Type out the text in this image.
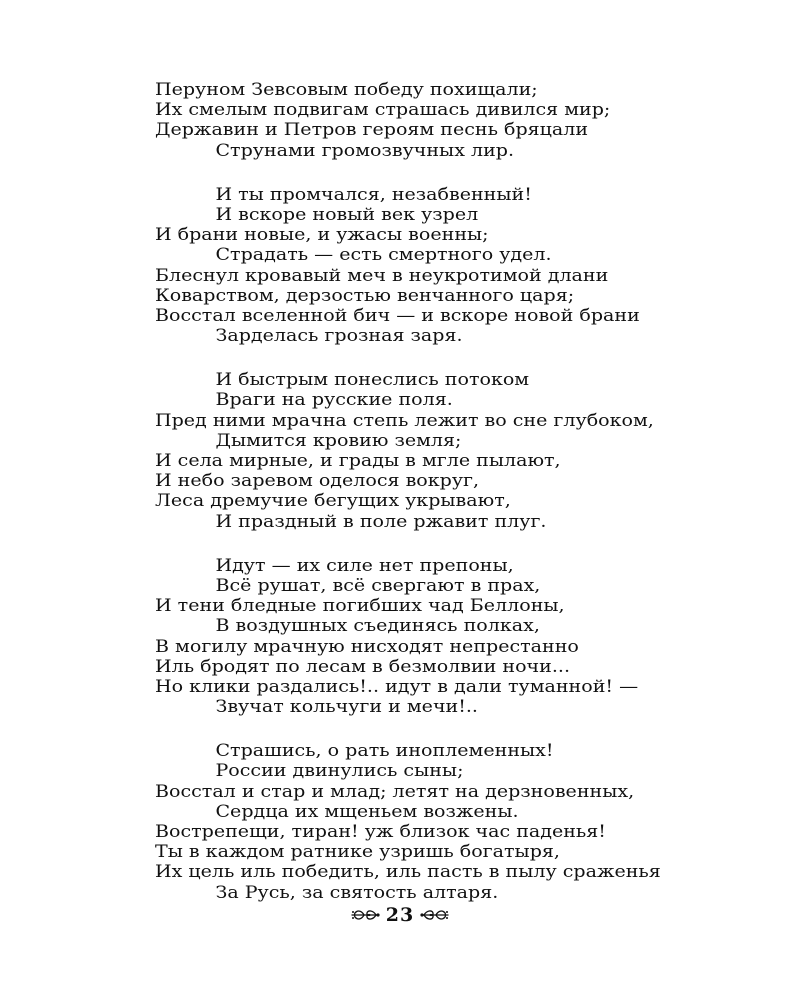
Перуном Зевсовым победу похищали;
Их смелым подвигам страшась дивился мир;
Державин и Петров героям песнь бряцали
Струнами громозвучных лир.
И ты промчался, незабвенный!
И вскоре новый век узрел
И брани новые, и ужасы военны;
Страдать — есть смертного удел.
Блеснул кровавый меч в неукротимой длани
Коварством, дерзостью венчанного царя;
Восстал вселенной бич — и вскоре новой брани
Зарделась грозная заря.
И быстрым понеслись потоком
Враги на русские поля.
Пред ними мрачна степь лежит во сне глубоком,
Дымится кровию земля;
И села мирные, и грады в мгле пылают,
И небо заревом оделося вокруг,
Леса дремучие бегущих укрывают,
И праздный в поле ржавит плуг.
Идут — их силе нет препоны,
Всё рушат, всё свергают в прах,
И тени бледные погибших чад Беллоны,
В воздушных съединясь полках,
В могилу мрачную нисходят непрестанно
Иль бродят по лесам в безмолвии ночи...
Но клики раздались!.. идут в дали туманной! —
Звучат кольчуги и мечи!..
Страшись, о рать иноплеменных!
России двинулись сыны;
Восстал и стар и млад; летят на дерзновенных,
Сердца их мщеньем возжены.
Вострепещи, тиран! уж близок час паденья!
Ты в каждом ратнике узришь богатыря,
Их цель иль победить, иль пасть в пылу сраженья
За Русь, за святость алтаря.
23
